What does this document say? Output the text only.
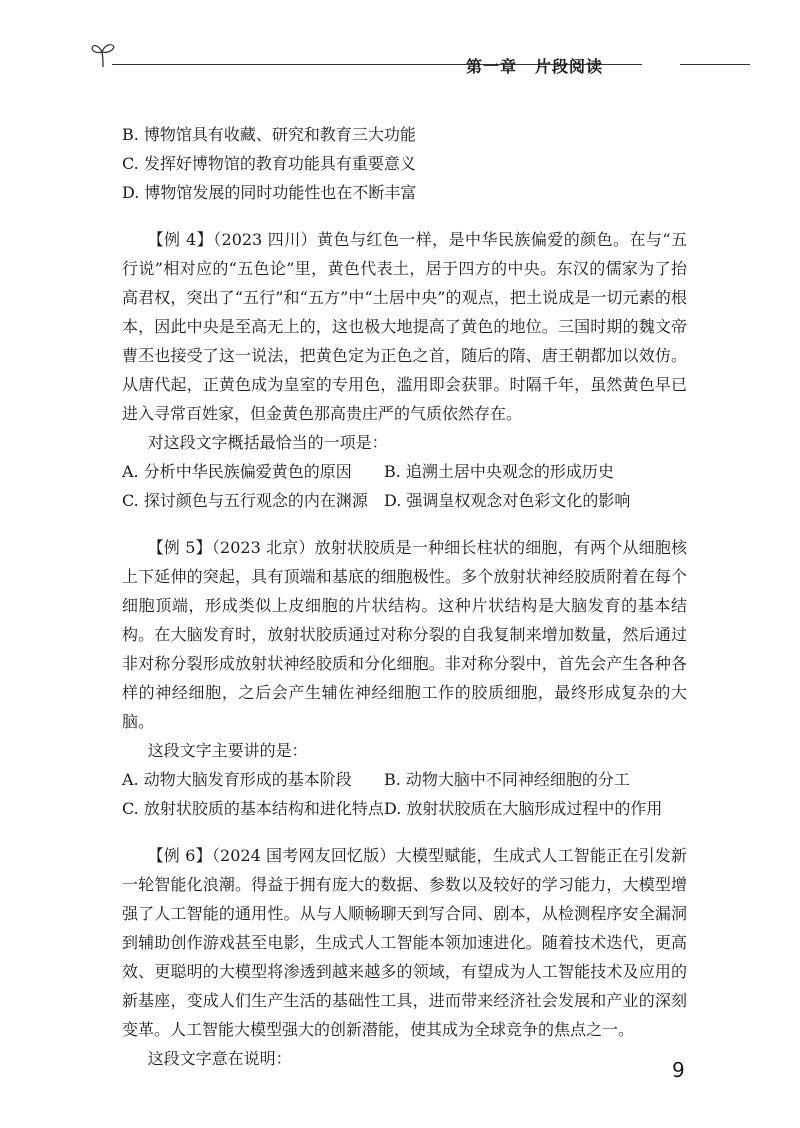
第一章 片段阅读
B. 博物馆具有收藏、研究和教育三大功能
C. 发挥好博物馆的教育功能具有重要意义
D. 博物馆发展的同时功能性也在不断丰富

【例 4】（2023 四川）黄色与红色一样，是中华民族偏爱的颜色。在与“五行说”相对应的“五色论”里，黄色代表土，居于四方的中央。东汉的儒家为了抬高君权，突出了“五行”和“五方”中“土居中央”的观点，把土说成是一切元素的根本，因此中央是至高无上的，这也极大地提高了黄色的地位。三国时期的魏文帝曹丕也接受了这一说法，把黄色定为正色之首，随后的隋、唐王朝都加以效仿。从唐代起，正黄色成为皇室的专用色，滥用即会获罪。时隔千年，虽然黄色早已进入寻常百姓家，但金黄色那高贵庄严的气质依然存在。

对这段文字概括最恰当的一项是：

A. 分析中华民族偏爱黄色的原因	B. 追溯土居中央观念的形成历史
C. 探讨颜色与五行观念的内在渊源	D. 强调皇权观念对色彩文化的影响

【例 5】（2023 北京）放射状胶质是一种细长柱状的细胞，有两个从细胞核上下延伸的突起，具有顶端和基底的细胞极性。多个放射状神经胶质附着在每个细胞顶端，形成类似上皮细胞的片状结构。这种片状结构是大脑发育的基本结构。在大脑发育时，放射状胶质通过对称分裂的自我复制来增加数量，然后通过非对称分裂形成放射状神经胶质和分化细胞。非对称分裂中，首先会产生各种各样的神经细胞，之后会产生辅佐神经细胞工作的胶质细胞，最终形成复杂的大脑。

这段文字主要讲的是：

A. 动物大脑发育形成的基本阶段	B. 动物大脑中不同神经细胞的分工
C. 放射状胶质的基本结构和进化特点 D. 放射状胶质在大脑形成过程中的作用

【例 6】（2024 国考网友回忆版）大模型赋能，生成式人工智能正在引发新一轮智能化浪潮。得益于拥有庞大的数据、参数以及较好的学习能力，大模型增强了人工智能的通用性。从与人顺畅聊天到写合同、剧本，从检测程序安全漏洞到辅助创作游戏甚至电影，生成式人工智能本领加速进化。随着技术迭代，更高效、更聪明的大模型将渗透到越来越多的领域，有望成为人工智能技术及应用的新基座，变成人们生产生活的基础性工具，进而带来经济社会发展和产业的深刻变革。人工智能大模型强大的创新潜能，使其成为全球竞争的焦点之一。

这段文字意在说明：	9
